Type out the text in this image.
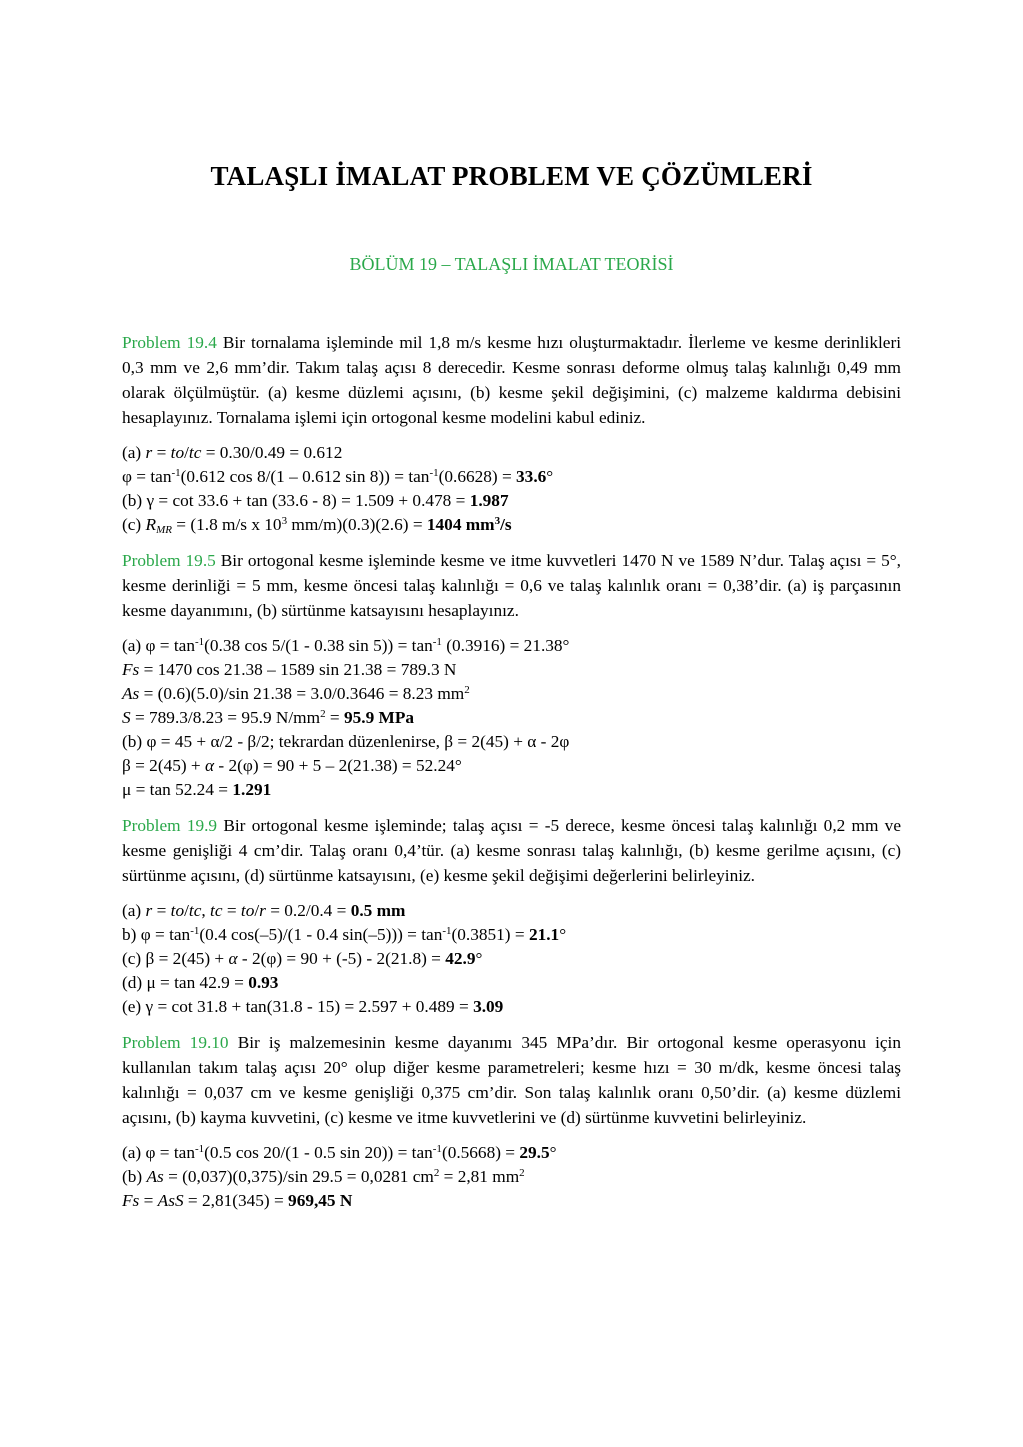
TALAŞLI İMALAT PROBLEM VE ÇÖZÜMLERİ
BÖLÜM 19 – TALAŞLI İMALAT TEORİSİ

Problem 19.4 Bir tornalama işleminde mil 1,8 m/s kesme hızı oluşturmaktadır. İlerleme ve kesme derinlikleri 0,3 mm ve 2,6 mm’dir. Takım talaş açısı 8 derecedir. Kesme sonrası deforme olmuş talaş kalınlığı 0,49 mm olarak ölçülmüştür. (a) kesme düzlemi açısını, (b) kesme şekil değişimini, (c) malzeme kaldırma debisini hesaplayınız. Tornalama işlemi için ortogonal kesme modelini kabul ediniz.

(a) r = to/tc = 0.30/0.49 = 0.612
$\varphi = \tan^{-1}(0.612$ cos 8/(1 – 0.612 $\sin 8)) = \tan^{-1}(0.6628) = 33.6^\circ$
(b) γ = cot 33.6 + tan (33.6 - 8) = 1.509 + 0.478 = 1.987
(c) $R_{MR} = (1.8$ m/s x $10^3$ mm/m)(0.3)(2.6) = 1404 $mm^3/s$

Problem 19.5 Bir ortogonal kesme işleminde kesme ve itme kuvvetleri 1470 N ve 1589 N’dur. Talaş açısı = 5°, kesme derinliği = 5 mm, kesme öncesi talaş kalınlığı = 0,6 ve talaş kalınlık oranı = 0,38’dir. (a) iş parçasının kesme dayanımını, (b) sürtünme katsayısını hesaplayınız.

(a) $\varphi = \tan^{-1}(0.38$ cos 5/(1 - 0.38 $\sin 5)) = \tan^{-1} (0.3916) = 21.38^\circ$
Fs = 1470 cos 21.38 – 1589 sin 21.38 = 789.3 N
As = (0.6)(5.0)/sin 21.38 = 3.0/0.3646 = 8.23 $mm^2$
S = 789.3/8.23 = 95.9 $N/mm^2 = 95.9$ MPa
(b) φ = 45 + α/2 - β/2; tekrardan düzenlenirse, β = 2(45) + α - 2φ
β = 2(45) + α - 2(φ) = 90 + 5 – 2(21.38) = 52.24°
μ = tan 52.24 = 1.291

Problem 19.9 Bir ortogonal kesme işleminde; talaş açısı = -5 derece, kesme öncesi talaş kalınlığı 0,2 mm ve kesme genişliği 4 cm’dir. Talaş oranı 0,4’tür. (a) kesme sonrası talaş kalınlığı, (b) kesme gerilme açısını, (c) sürtünme açısını, (d) sürtünme katsayısını, (e) kesme şekil değişimi değerlerini belirleyiniz.

(a) r = to/tc, tc = to/r = 0.2/0.4 = 0.5 mm
b) $\varphi = \tan^{-1}(0.4$ cos(–5)/(1 - 0.4 $\sin(-5))) = \tan^{-1}(0.3851) = 21.1^\circ$
(c) β = 2(45) + α - 2(φ) = 90 + (-5) - 2(21.8) = 42.9°
(d) μ = tan 42.9 = 0.93
(e) γ = cot 31.8 + tan(31.8 - 15) = 2.597 + 0.489 = 3.09

Problem 19.10 Bir iş malzemesinin kesme dayanımı 345 MPa’dır. Bir ortogonal kesme operasyonu için kullanılan takım talaş açısı 20° olup diğer kesme parametreleri; kesme hızı = 30 m/dk, kesme öncesi talaş kalınlığı = 0,037 cm ve kesme genişliği 0,375 cm’dir. Son talaş kalınlık oranı 0,50’dir. (a) kesme düzlemi açısını, (b) kayma kuvvetini, (c) kesme ve itme kuvvetlerini ve (d) sürtünme kuvvetini belirleyiniz.

(a) $\varphi = \tan^{-1}(0.5$ cos 20/(1 - 0.5 $\sin 20)) = \tan^{-1}(0.5668) = 29.5^\circ$
(b) As = (0,037)(0,375)/sin 29.5 = 0,0281 $cm^2 = 2,81$ $mm^2$
Fs = AsS = 2,81(345) = 969,45 N
